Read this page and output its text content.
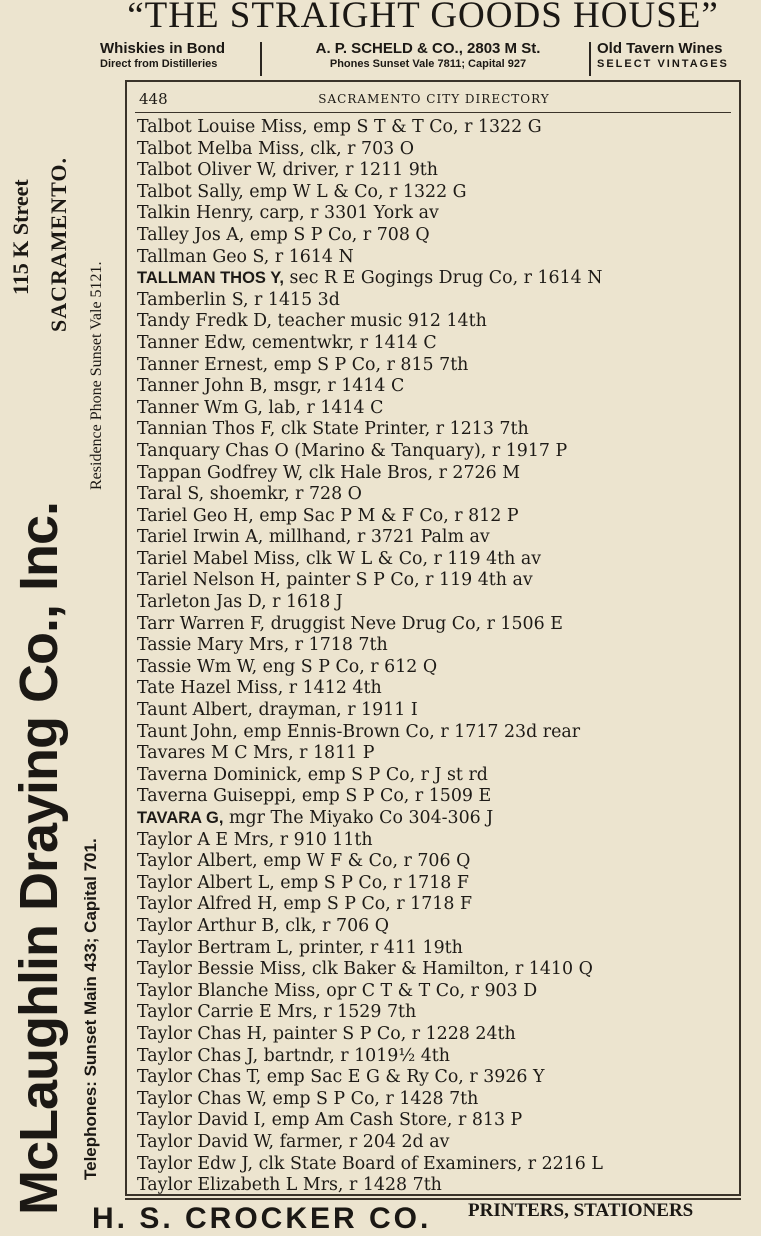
“THE STRAIGHT GOODS HOUSE”
Whiskies in Bond
Direct from Distilleries
A. P. SCHELD & CO., 2803 M St.
Phones Sunset Vale 7811; Capital 927
Old Tavern Wines
SELECT VINTAGES
McLaughlin Draying Co., Inc. Telephones: Sunset Main 433; Capital 701.
115 K Street SACRAMENTO.
Residence Phone Sunset Vale 5121.
448	SACRAMENTO CITY DIRECTORY
Talbot Louise Miss, emp S T & T Co, r 1322 G
Talbot Melba Miss, clk, r 703 O
Talbot Oliver W, driver, r 1211 9th
Talbot Sally, emp W L & Co, r 1322 G
Talkin Henry, carp, r 3301 York av
Talley Jos A, emp S P Co, r 708 Q
Tallman Geo S, r 1614 N
TALLMAN THOS Y, sec R E Gogings Drug Co, r 1614 N
Tamberlin S, r 1415 3d
Tandy Fredk D, teacher music 912 14th
Tanner Edw, cementwkr, r 1414 C
Tanner Ernest, emp S P Co, r 815 7th
Tanner John B, msgr, r 1414 C
Tanner Wm G, lab, r 1414 C
Tannian Thos F, clk State Printer, r 1213 7th
Tanquary Chas O (Marino & Tanquary), r 1917 P
Tappan Godfrey W, clk Hale Bros, r 2726 M
Taral S, shoemkr, r 728 O
Tariel Geo H, emp Sac P M & F Co, r 812 P
Tariel Irwin A, millhand, r 3721 Palm av
Tariel Mabel Miss, clk W L & Co, r 119 4th av
Tariel Nelson H, painter S P Co, r 119 4th av
Tarleton Jas D, r 1618 J
Tarr Warren F, druggist Neve Drug Co, r 1506 E
Tassie Mary Mrs, r 1718 7th
Tassie Wm W, eng S P Co, r 612 Q
Tate Hazel Miss, r 1412 4th
Taunt Albert, drayman, r 1911 I
Taunt John, emp Ennis-Brown Co, r 1717 23d rear
Tavares M C Mrs, r 1811 P
Taverna Dominick, emp S P Co, r J st rd
Taverna Guiseppi, emp S P Co, r 1509 E
TAVARA G, mgr The Miyako Co 304-306 J
Taylor A E Mrs, r 910 11th
Taylor Albert, emp W F & Co, r 706 Q
Taylor Albert L, emp S P Co, r 1718 F
Taylor Alfred H, emp S P Co, r 1718 F
Taylor Arthur B, clk, r 706 Q
Taylor Bertram L, printer, r 411 19th
Taylor Bessie Miss, clk Baker & Hamilton, r 1410 Q
Taylor Blanche Miss, opr C T & T Co, r 903 D
Taylor Carrie E Mrs, r 1529 7th
Taylor Chas H, painter S P Co, r 1228 24th
Taylor Chas J, bartndr, r 1019½ 4th
Taylor Chas T, emp Sac E G & Ry Co, r 3926 Y
Taylor Chas W, emp S P Co, r 1428 7th
Taylor David I, emp Am Cash Store, r 813 P
Taylor David W, farmer, r 204 2d av
Taylor Edw J, clk State Board of Examiners, r 2216 L
Taylor Elizabeth L Mrs, r 1428 7th
H. S. CROCKER CO. PRINTERS, STATIONERS
